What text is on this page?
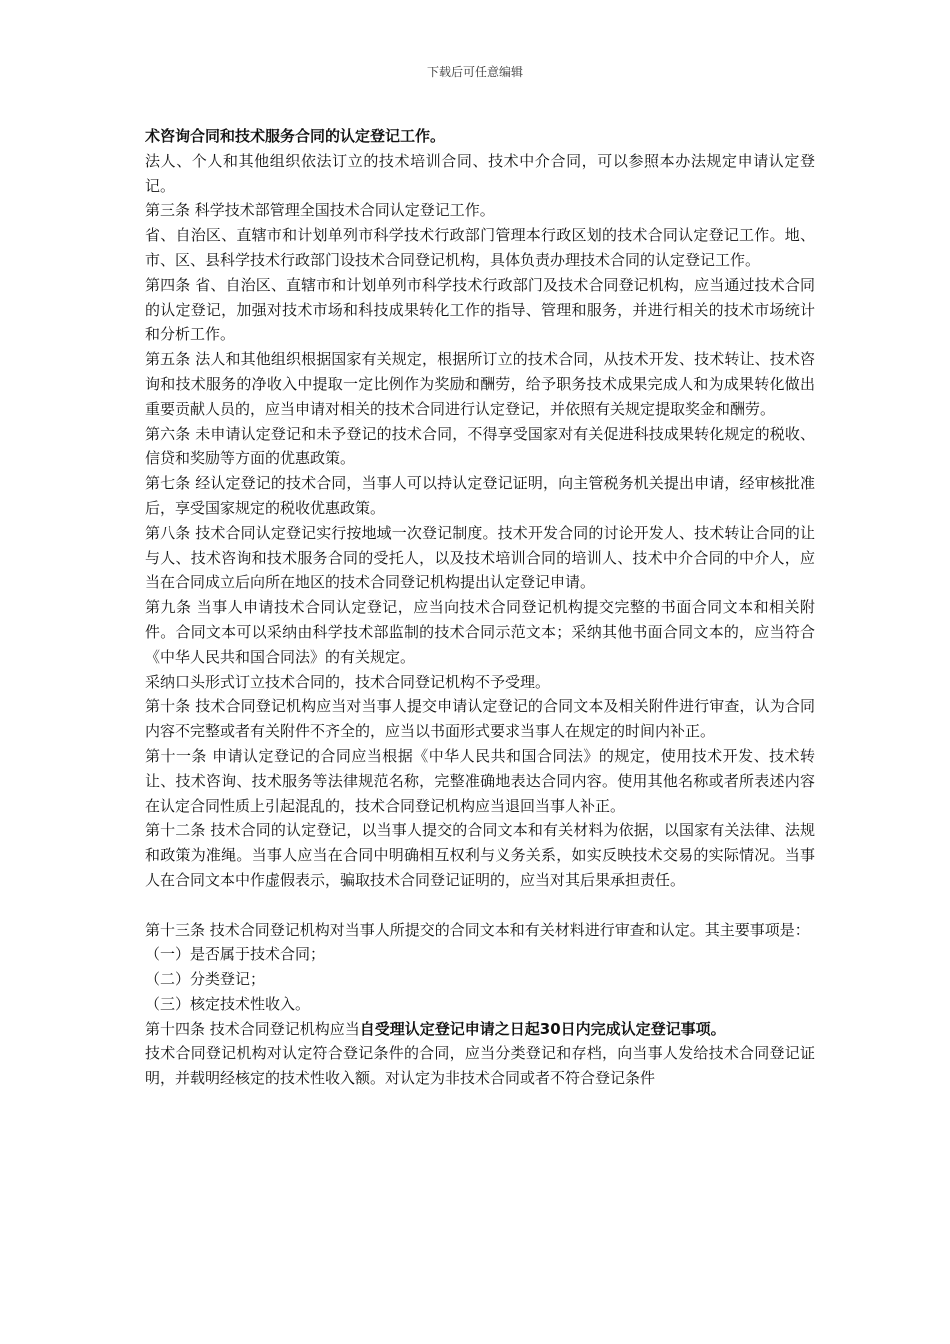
下载后可任意编辑

术咨询合同和技术服务合同的认定登记工作。

法人、个人和其他组织依法订立的技术培训合同、技术中介合同，可以参照本办法规定申请认定登记。

第三条 科学技术部管理全国技术合同认定登记工作。

省、自治区、直辖市和计划单列市科学技术行政部门管理本行政区划的技术合同认定登记工作。地、市、区、县科学技术行政部门设技术合同登记机构，具体负责办理技术合同的认定登记工作。

第四条 省、自治区、直辖市和计划单列市科学技术行政部门及技术合同登记机构，应当通过技术合同的认定登记，加强对技术市场和科技成果转化工作的指导、管理和服务，并进行相关的技术市场统计和分析工作。

第五条 法人和其他组织根据国家有关规定，根据所订立的技术合同，从技术开发、技术转让、技术咨询和技术服务的净收入中提取一定比例作为奖励和酬劳，给予职务技术成果完成人和为成果转化做出重要贡献人员的，应当申请对相关的技术合同进行认定登记，并依照有关规定提取奖金和酬劳。

第六条 未申请认定登记和未予登记的技术合同，不得享受国家对有关促进科技成果转化规定的税收、信贷和奖励等方面的优惠政策。

第七条 经认定登记的技术合同，当事人可以持认定登记证明，向主管税务机关提出申请，经审核批准后，享受国家规定的税收优惠政策。

第八条 技术合同认定登记实行按地域一次登记制度。技术开发合同的讨论开发人、技术转让合同的让与人、技术咨询和技术服务合同的受托人，以及技术培训合同的培训人、技术中介合同的中介人，应当在合同成立后向所在地区的技术合同登记机构提出认定登记申请。

第九条 当事人申请技术合同认定登记，应当向技术合同登记机构提交完整的书面合同文本和相关附件。合同文本可以采纳由科学技术部监制的技术合同示范文本；采纳其他书面合同文本的，应当符合《中华人民共和国合同法》的有关规定。

采纳口头形式订立技术合同的，技术合同登记机构不予受理。

第十条 技术合同登记机构应当对当事人提交申请认定登记的合同文本及相关附件进行审查，认为合同内容不完整或者有关附件不齐全的，应当以书面形式要求当事人在规定的时间内补正。

第十一条 申请认定登记的合同应当根据《中华人民共和国合同法》的规定，使用技术开发、技术转让、技术咨询、技术服务等法律规范名称，完整准确地表达合同内容。使用其他名称或者所表述内容在认定合同性质上引起混乱的，技术合同登记机构应当退回当事人补正。

第十二条 技术合同的认定登记，以当事人提交的合同文本和有关材料为依据，以国家有关法律、法规和政策为准绳。当事人应当在合同中明确相互权利与义务关系，如实反映技术交易的实际情况。当事人在合同文本中作虚假表示，骗取技术合同登记证明的，应当对其后果承担责任。

第十三条 技术合同登记机构对当事人所提交的合同文本和有关材料进行审查和认定。其主要事项是：

（一）是否属于技术合同；

（二）分类登记；

（三）核定技术性收入。

第十四条 技术合同登记机构应当自受理认定登记申请之日起30日内完成认定登记事项。

技术合同登记机构对认定符合登记条件的合同，应当分类登记和存档，向当事人发给技术合同登记证明，并载明经核定的技术性收入额。对认定为非技术合同或者不符合登记条件
